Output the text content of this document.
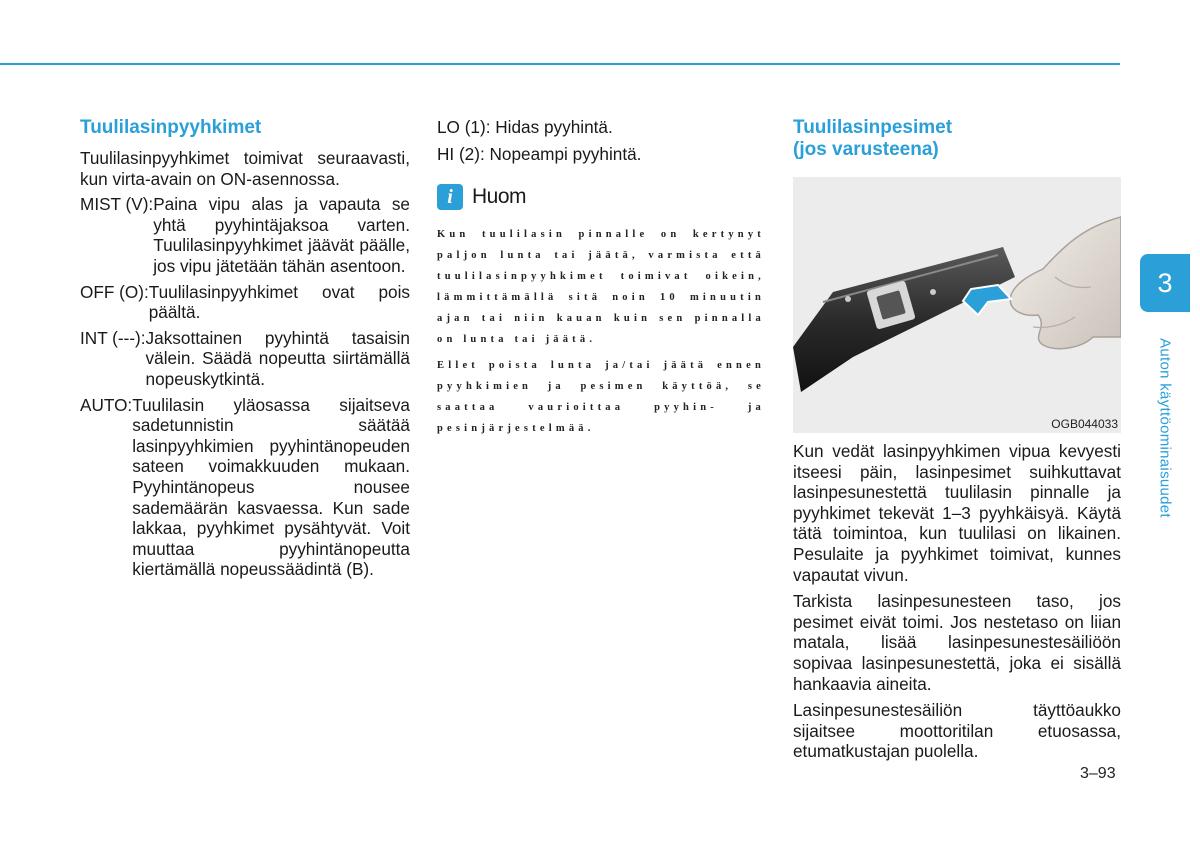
Tuulilasinpyyhkimet

Tuulilasinpyyhkimet toimivat seuraavasti, kun virta-avain on ON-asennossa.

MIST (V): Paina vipu alas ja vapauta se yhtä pyyhintäjaksoa varten. Tuulilasinpyyhkimet jäävät päälle, jos vipu jätetään tähän asentoon.
OFF (O): Tuulilasinpyyhkimet ovat pois päältä.
INT (---): Jaksottainen pyyhintä tasaisin välein. Säädä nopeutta siirtämällä nopeuskytkintä.
AUTO: Tuulilasin yläosassa sijaitseva sadetunnistin säätää lasinpyyhkimien pyyhintänopeuden sateen voimakkuuden mukaan. Pyyhintänopeus nousee sademäärän kasvaessa. Kun sade lakkaa, pyyhkimet pysähtyvät. Voit muuttaa pyyhintänopeutta kiertämällä nopeussäädintä (B).

LO (1): Hidas pyyhintä.

HI (2): Nopeampi pyyhintä.

i Huom

Kun tuulilasin pinnalle on kertynyt paljon lunta tai jäätä, varmista että tuulilasinpyyhkimet toimivat oikein, lämmittämällä sitä noin 10 minuutin ajan tai niin kauan kuin sen pinnalla on lunta tai jäätä.

Ellet poista lunta ja/tai jäätä ennen pyyhkimien ja pesimen käyttöä, se saattaa vaurioittaa pyyhin- ja pesinjärjestelmää.

Tuulilasinpesimet
(jos varusteena)
OGB044033

Kun vedät lasinpyyhkimen vipua kevyesti itseesi päin, lasinpesimet suihkuttavat lasinpesunestettä tuulilasin pinnalle ja pyyhkimet tekevät 1–3 pyyhkäisyä. Käytä tätä toimintoa, kun tuulilasi on likainen. Pesulaite ja pyyhkimet toimivat, kunnes vapautat vivun.

Tarkista lasinpesunesteen taso, jos pesimet eivät toimi. Jos nestetaso on liian matala, lisää lasinpesunestesäiliöön sopivaa lasinpesunestettä, joka ei sisällä hankaavia aineita.

Lasinpesunestesäiliön täyttöaukko sijaitsee moottoritilan etuosassa, etumatkustajan puolella.

3
Auton käyttöominaisuudet
3–93
